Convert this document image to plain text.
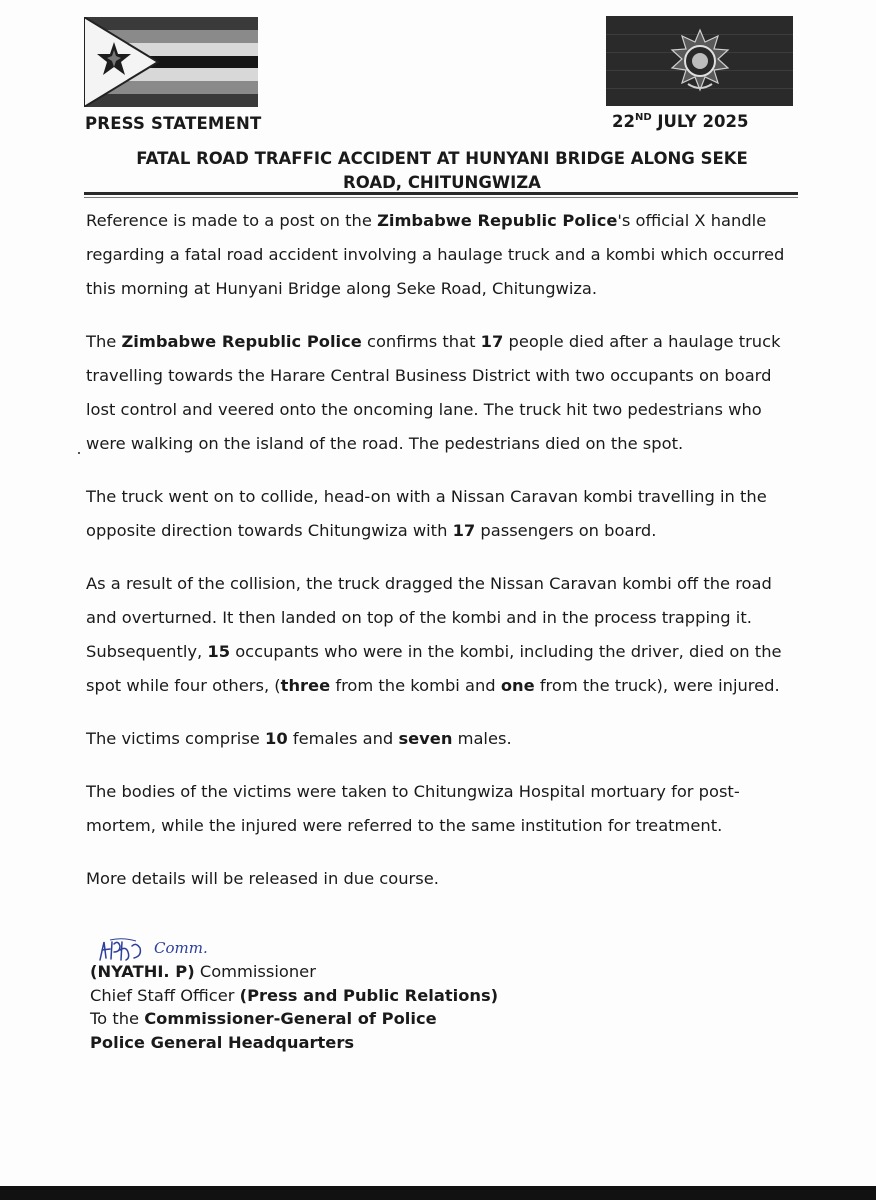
PRESS STATEMENT	22ND JULY 2025
FATAL ROAD TRAFFIC ACCIDENT AT HUNYANI BRIDGE ALONG SEKE
ROAD, CHITUNGWIZA

Reference is made to a post on the Zimbabwe Republic Police's official X handle regarding a fatal road accident involving a haulage truck and a kombi which occurred this morning at Hunyani Bridge along Seke Road, Chitungwiza.

The Zimbabwe Republic Police confirms that 17 people died after a haulage truck travelling towards the Harare Central Business District with two occupants on board lost control and veered onto the oncoming lane. The truck hit two pedestrians who were walking on the island of the road. The pedestrians died on the spot.

The truck went on to collide, head-on with a Nissan Caravan kombi travelling in the opposite direction towards Chitungwiza with 17 passengers on board.

As a result of the collision, the truck dragged the Nissan Caravan kombi off the road and overturned. It then landed on top of the kombi and in the process trapping it. Subsequently, 15 occupants who were in the kombi, including the driver, died on the spot while four others, (three from the kombi and one from the truck), were injured.

The victims comprise 10 females and seven males.

The bodies of the victims were taken to Chitungwiza Hospital mortuary for post-mortem, while the injured were referred to the same institution for treatment.

More details will be released in due course.

Comm.
(NYATHI. P) Commissioner
Chief Staff Officer (Press and Public Relations)
To the Commissioner-General of Police
Police General Headquarters
